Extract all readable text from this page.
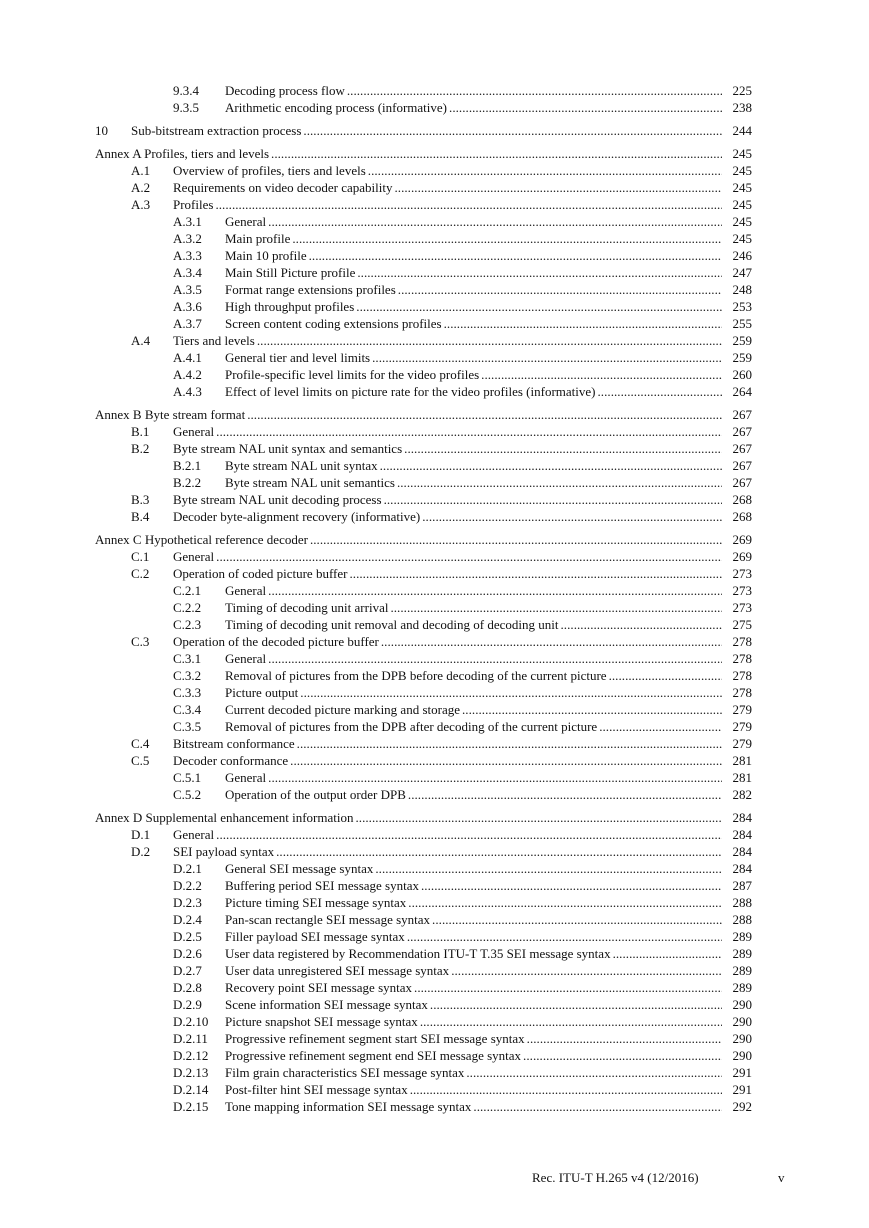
9.3.4 Decoding process flow . . .	225
9.3.5 Arithmetic encoding process (informative) . . .	238
10 Sub-bitstream extraction process . . .	244
Annex A Profiles, tiers and levels . . .	245
A.1 Overview of profiles, tiers and levels . . .	245
A.2 Requirements on video decoder capability . . .	245
A.3 Profiles . . .	245
A.3.1 General . . .	245
A.3.2 Main profile . . .	245
A.3.3 Main 10 profile . . .	246
A.3.4 Main Still Picture profile . . .	247
A.3.5 Format range extensions profiles . . .	248
A.3.6 High throughput profiles . . .	253
A.3.7 Screen content coding extensions profiles . . .	255
A.4 Tiers and levels . . .	259
A.4.1 General tier and level limits . . .	259
A.4.2 Profile-specific level limits for the video profiles . . .	260
A.4.3 Effect of level limits on picture rate for the video profiles (informative) . . .	264
Annex B Byte stream format . . .	267
B.1 General . . .	267
B.2 Byte stream NAL unit syntax and semantics . . .	267
B.2.1 Byte stream NAL unit syntax . . .	267
B.2.2 Byte stream NAL unit semantics . . .	267
B.3 Byte stream NAL unit decoding process . . .	268
B.4 Decoder byte-alignment recovery (informative) . . .	268
Annex C Hypothetical reference decoder . . .	269
C.1 General . . .	269
C.2 Operation of coded picture buffer . . .	273
C.2.1 General . . .	273
C.2.2 Timing of decoding unit arrival . . .	273
C.2.3 Timing of decoding unit removal and decoding of decoding unit . . .	275
C.3 Operation of the decoded picture buffer . . .	278
C.3.1 General . . .	278
C.3.2 Removal of pictures from the DPB before decoding of the current picture . . .	278
C.3.3 Picture output . . .	278
C.3.4 Current decoded picture marking and storage . . .	279
C.3.5 Removal of pictures from the DPB after decoding of the current picture . . .	279
C.4 Bitstream conformance . . .	279
C.5 Decoder conformance . . .	281
C.5.1 General . . .	281
C.5.2 Operation of the output order DPB . . .	282
Annex D Supplemental enhancement information . . .	284
D.1 General . . .	284
D.2 SEI payload syntax . . .	284
D.2.1 General SEI message syntax . . .	284
D.2.2 Buffering period SEI message syntax . . .	287
D.2.3 Picture timing SEI message syntax . . .	288
D.2.4 Pan-scan rectangle SEI message syntax . . .	288
D.2.5 Filler payload SEI message syntax . . .	289
D.2.6 User data registered by Recommendation ITU-T T.35 SEI message syntax . . .	289
D.2.7 User data unregistered SEI message syntax . . .	289
D.2.8 Recovery point SEI message syntax . . .	289
D.2.9 Scene information SEI message syntax . . .	290
D.2.10 Picture snapshot SEI message syntax . . .	290
D.2.11 Progressive refinement segment start SEI message syntax . . .	290
D.2.12 Progressive refinement segment end SEI message syntax . . .	290
D.2.13 Film grain characteristics SEI message syntax . . .	291
D.2.14 Post-filter hint SEI message syntax . . .	291
D.2.15 Tone mapping information SEI message syntax . . .	292
Rec. ITU-T H.265 v4 (12/2016)	v
